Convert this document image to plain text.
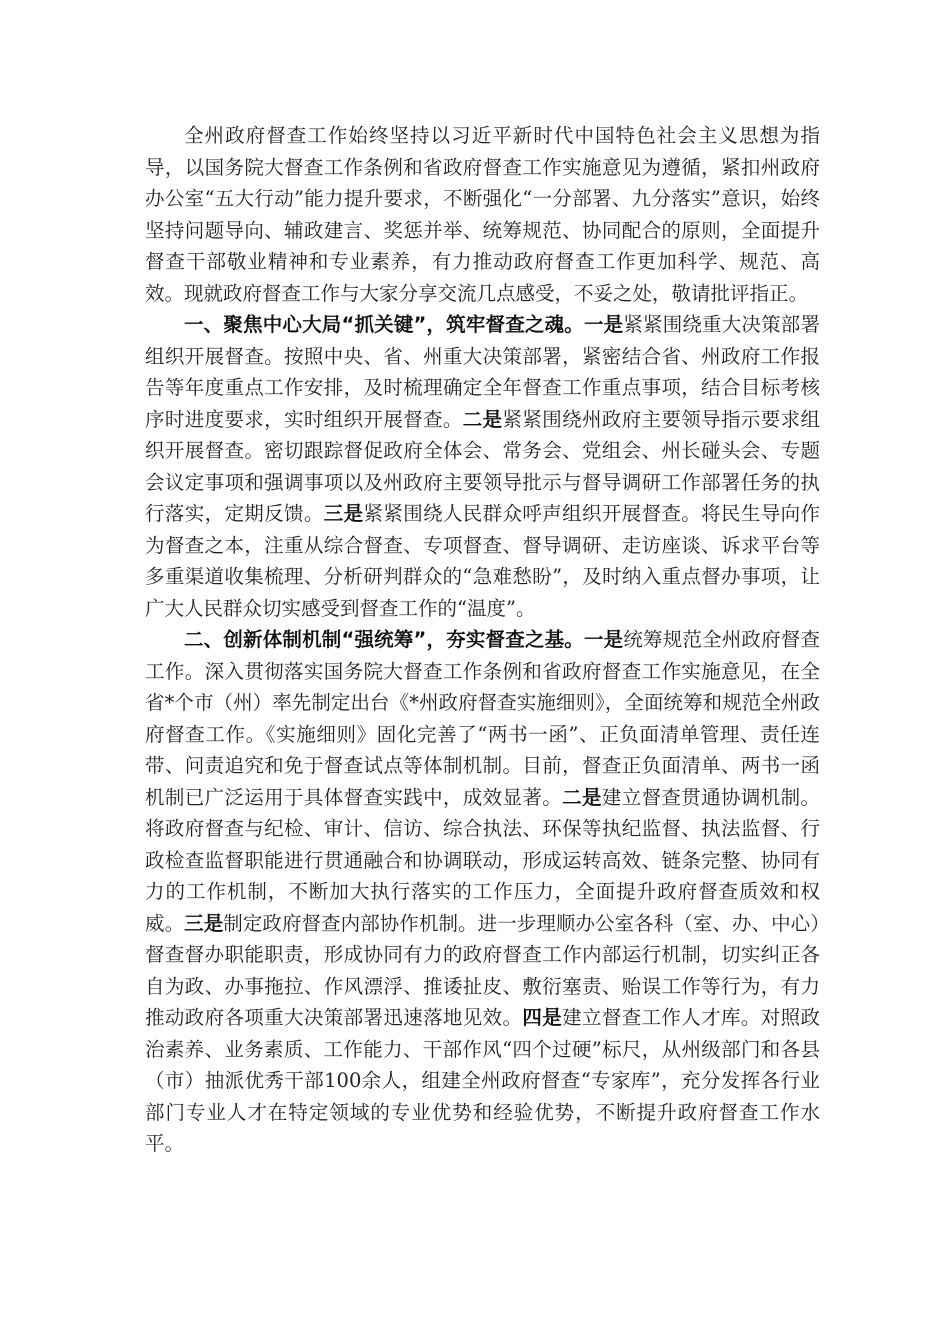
全州政府督查工作始终坚持以习近平新时代中国特色社会主义思想为指导，以国务院大督查工作条例和省政府督查工作实施意见为遵循，紧扣州政府办公室“五大行动”能力提升要求，不断强化“一分部署、九分落实”意识，始终坚持问题导向、辅政建言、奖惩并举、统筹规范、协同配合的原则，全面提升督查干部敬业精神和专业素养，有力推动政府督查工作更加科学、规范、高效。现就政府督查工作与大家分享交流几点感受，不妥之处，敬请批评指正。

一、聚焦中心大局“抓关键”，筑牢督查之魂。一是紧紧围绕重大决策部署组织开展督查。按照中央、省、州重大决策部署，紧密结合省、州政府工作报告等年度重点工作安排，及时梳理确定全年督查工作重点事项，结合目标考核序时进度要求，实时组织开展督查。二是紧紧围绕州政府主要领导指示要求组织开展督查。密切跟踪督促政府全体会、常务会、党组会、州长碰头会、专题会议定事项和强调事项以及州政府主要领导批示与督导调研工作部署任务的执行落实，定期反馈。三是紧紧围绕人民群众呼声组织开展督查。将民生导向作为督查之本，注重从综合督查、专项督查、督导调研、走访座谈、诉求平台等多重渠道收集梳理、分析研判群众的“急难愁盼”，及时纳入重点督办事项，让广大人民群众切实感受到督查工作的“温度”。

二、创新体制机制“强统筹”，夯实督查之基。一是统筹规范全州政府督查工作。深入贯彻落实国务院大督查工作条例和省政府督查工作实施意见，在全省*个市（州）率先制定出台《*州政府督查实施细则》，全面统筹和规范全州政府督查工作。《实施细则》固化完善了“两书一函”、正负面清单管理、责任连带、问责追究和免于督查试点等体制机制。目前，督查正负面清单、两书一函机制已广泛运用于具体督查实践中，成效显著。二是建立督查贯通协调机制。将政府督查与纪检、审计、信访、综合执法、环保等执纪监督、执法监督、行政检查监督职能进行贯通融合和协调联动，形成运转高效、链条完整、协同有力的工作机制，不断加大执行落实的工作压力，全面提升政府督查质效和权威。三是制定政府督查内部协作机制。进一步理顺办公室各科（室、办、中心）督查督办职能职责，形成协同有力的政府督查工作内部运行机制，切实纠正各自为政、办事拖拉、作风漂浮、推诿扯皮、敷衍塞责、贻误工作等行为，有力推动政府各项重大决策部署迅速落地见效。四是建立督查工作人才库。对照政治素养、业务素质、工作能力、干部作风“四个过硬”标尺，从州级部门和各县（市）抽派优秀干部100余人，组建全州政府督查“专家库”，充分发挥各行业部门专业人才在特定领域的专业优势和经验优势，不断提升政府督查工作水平。
